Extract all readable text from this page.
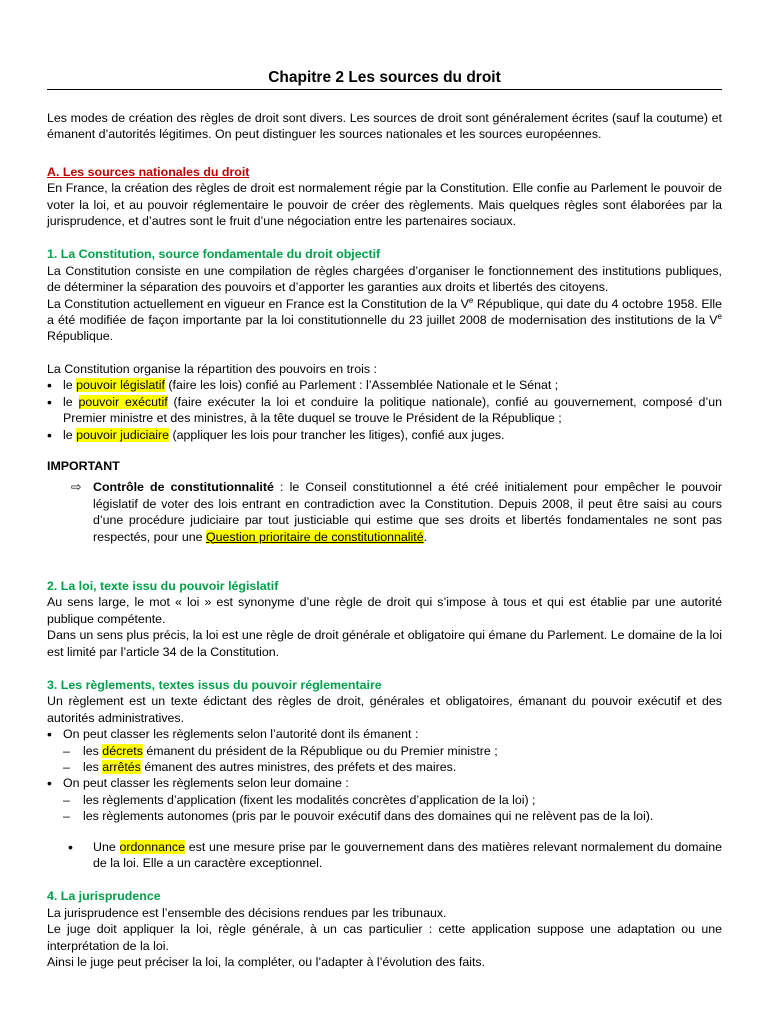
Chapitre 2 Les sources du droit

Les modes de création des règles de droit sont divers. Les sources de droit sont généralement écrites (sauf la coutume) et émanent d’autorités légitimes. On peut distinguer les sources nationales et les sources européennes.

A. Les sources nationales du droit

En France, la création des règles de droit est normalement régie par la Constitution. Elle confie au Parlement le pouvoir de voter la loi, et au pouvoir réglementaire le pouvoir de créer des règlements. Mais quelques règles sont élaborées par la jurisprudence, et d’autres sont le fruit d’une négociation entre les partenaires sociaux.

1. La Constitution, source fondamentale du droit objectif

La Constitution consiste en une compilation de règles chargées d’organiser le fonctionnement des institutions publiques, de déterminer la séparation des pouvoirs et d’apporter les garanties aux droits et libertés des citoyens.

La Constitution actuellement en vigueur en France est la Constitution de la Ve République, qui date du 4 octobre 1958. Elle a été modifiée de façon importante par la loi constitutionnelle du 23 juillet 2008 de modernisation des institutions de la Ve République.

La Constitution organise la répartition des pouvoirs en trois :

• le pouvoir législatif (faire les lois) confié au Parlement : l’Assemblée Nationale et le Sénat ;
• le pouvoir exécutif (faire exécuter la loi et conduire la politique nationale), confié au gouvernement, composé d’un Premier ministre et des ministres, à la tête duquel se trouve le Président de la République ;
• le pouvoir judiciaire (appliquer les lois pour trancher les litiges), confié aux juges.
IMPORTANT
⇨ Contrôle de constitutionnalité : le Conseil constitutionnel a été créé initialement pour empêcher le pouvoir législatif de voter des lois entrant en contradiction avec la Constitution. Depuis 2008, il peut être saisi au cours d’une procédure judiciaire par tout justiciable qui estime que ses droits et libertés fondamentales ne sont pas respectés, pour une Question prioritaire de constitutionnalité.
2. La loi, texte issu du pouvoir législatif

Au sens large, le mot « loi » est synonyme d’une règle de droit qui s’impose à tous et qui est établie par une autorité publique compétente.

Dans un sens plus précis, la loi est une règle de droit générale et obligatoire qui émane du Parlement. Le domaine de la loi est limité par l’article 34 de la Constitution.

3. Les règlements, textes issus du pouvoir réglementaire

Un règlement est un texte édictant des règles de droit, générales et obligatoires, émanant du pouvoir exécutif et des autorités administratives.

• On peut classer les règlements selon l’autorité dont ils émanent :
– les décrets émanent du président de la République ou du Premier ministre ;
– les arrêtés émanent des autres ministres, des préfets et des maires.
• On peut classer les règlements selon leur domaine :
– les règlements d’application (fixent les modalités concrètes d’application de la loi) ;
– les règlements autonomes (pris par le pouvoir exécutif dans des domaines qui ne relèvent pas de la loi).
• Une ordonnance est une mesure prise par le gouvernement dans des matières relevant normalement du domaine de la loi. Elle a un caractère exceptionnel.
4. La jurisprudence

La jurisprudence est l’ensemble des décisions rendues par les tribunaux.

Le juge doit appliquer la loi, règle générale, à un cas particulier : cette application suppose une adaptation ou une interprétation de la loi.

Ainsi le juge peut préciser la loi, la compléter, ou l’adapter à l’évolution des faits.
